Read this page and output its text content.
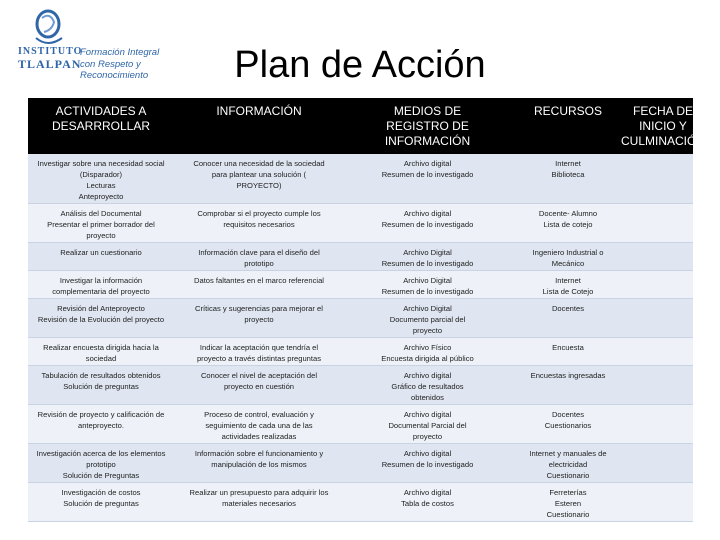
INSTITUTO
TLALPAN
Formación Integral
con Respeto y Reconocimiento	Plan de Acción
ACTIVIDADES A
DESARRROLLAR	INFORMACIÓN	MEDIOS DE
REGISTRO DE
INFORMACIÓN	RECURSOS	FECHA DE
INICIO Y
CULMINACIÓN

Investigar sobre una necesidad social
(Disparador)
Lecturas
Anteproyecto	Conocer una necesidad de la sociedad
para plantear una solución (
PROYECTO)	Archivo digital
Resumen de lo investigado	Internet
Biblioteca	

Análisis del Documental
Presentar el primer borrador del
proyecto	Comprobar si el proyecto cumple los
requisitos necesarios	Archivo digital
Resumen de lo investigado	Docente- Alumno
Lista de cotejo	

Realizar un cuestionario	Información clave para el diseño del
prototipo	Archivo Digital
Resumen de lo investigado	Ingeniero Industrial o
Mecánico	

Investigar la información
complementaria del proyecto	Datos faltantes en el marco referencial	Archivo Digital
Resumen de lo investigado	Internet
Lista de Cotejo	

Revisión del Anteproyecto
Revisión de la Evolución del proyecto	Críticas y sugerencias para mejorar el
proyecto	Archivo Digital
Documento parcial del
proyecto	Docentes	

Realizar encuesta dirigida hacia la
sociedad	Indicar la aceptación que tendría el
proyecto a través distintas preguntas	Archivo Físico
Encuesta dirigida al público	Encuesta	

Tabulación de resultados obtenidos
Solución de preguntas	Conocer el nivel de aceptación del
proyecto en cuestión	Archivo digital
Gráfico de resultados
obtenidos	Encuestas ingresadas	

Revisión de proyecto y calificación de
anteproyecto.	Proceso de control, evaluación y
seguimiento de cada una de las
actividades realizadas	Archivo digital
Documental Parcial del
proyecto	Docentes
Cuestionarios	

Investigación acerca de los elementos
prototipo
Solución de Preguntas	Información sobre el funcionamiento y
manipulación de los mismos	Archivo digital
Resumen de lo investigado	Internet y manuales de
electricidad
Cuestionario	

Investigación de costos
Solución de preguntas	Realizar un presupuesto para adquirir los
materiales necesarios	Archivo digital
Tabla de costos	Ferreterías
Esteren
Cuestionario	
